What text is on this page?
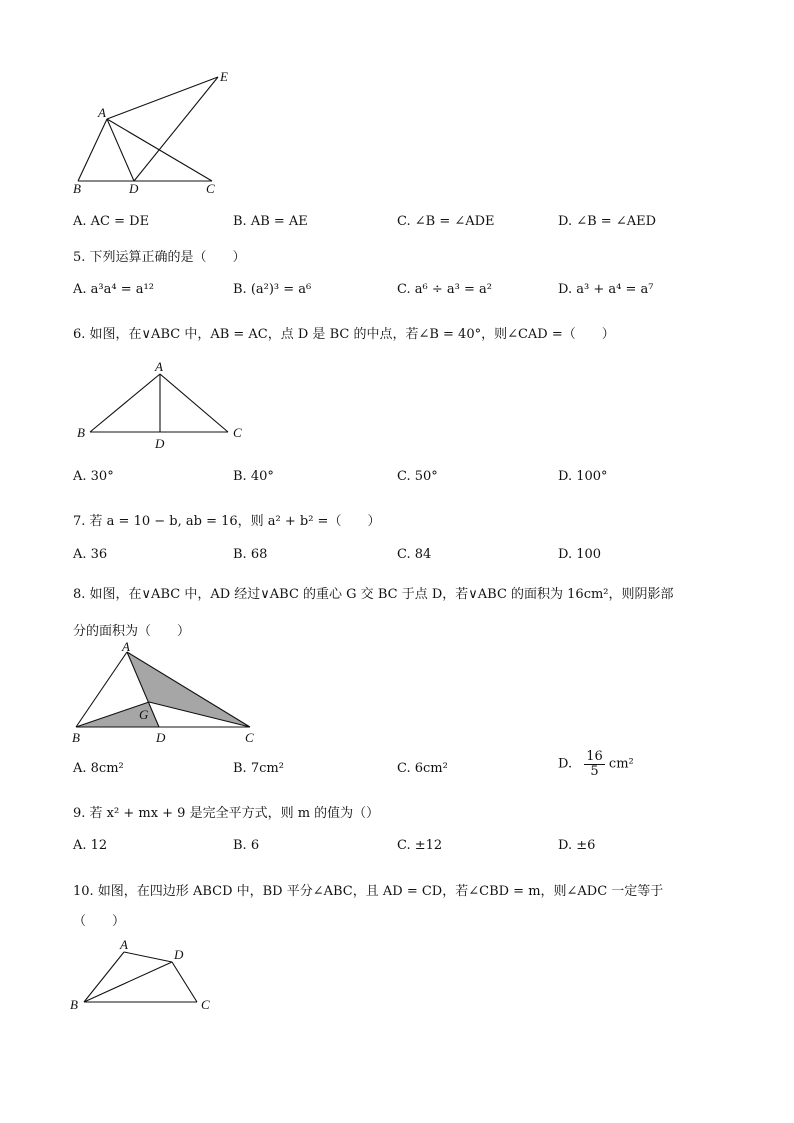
A
B	C
D
E
A. AC = DE	B. AB = AE	C. ∠B = ∠ADE	D. ∠B = ∠AED
5. 下列运算正确的是（　　）
A. a³a⁴ = a¹²	B. (a²)³ = a⁶	C. a⁶ ÷ a³ = a²	D. a³ + a⁴ = a⁷
6. 如图，在∨ABC 中，AB = AC，点 D 是 BC 的中点，若∠B = 40°，则∠CAD =（　　）
A
B	C
D
A. 30°	B. 40°	C. 50°	D. 100°
7. 若 a = 10 − b, ab = 16，则 a² + b² =（　　）
A. 36	B. 68	C. 84	D. 100
8. 如图，在∨ABC 中，AD 经过∨ABC 的重心 G 交 BC 于点 D，若∨ABC 的面积为 16cm²，则阴影部
分的面积为（　　）
A
B	C
D
G
A. 8cm²	B. 7cm²	C. 6cm²	D. $\frac{16}{5} cm^2$
9. 若 x² + mx + 9 是完全平方式，则 m 的值为（）
A. 12	B. 6	C. ±12	D. ±6
10. 如图，在四边形 ABCD 中，BD 平分∠ABC，且 AD = CD，若∠CBD = m，则∠ADC 一定等于
（　　）
A
B	C
D
